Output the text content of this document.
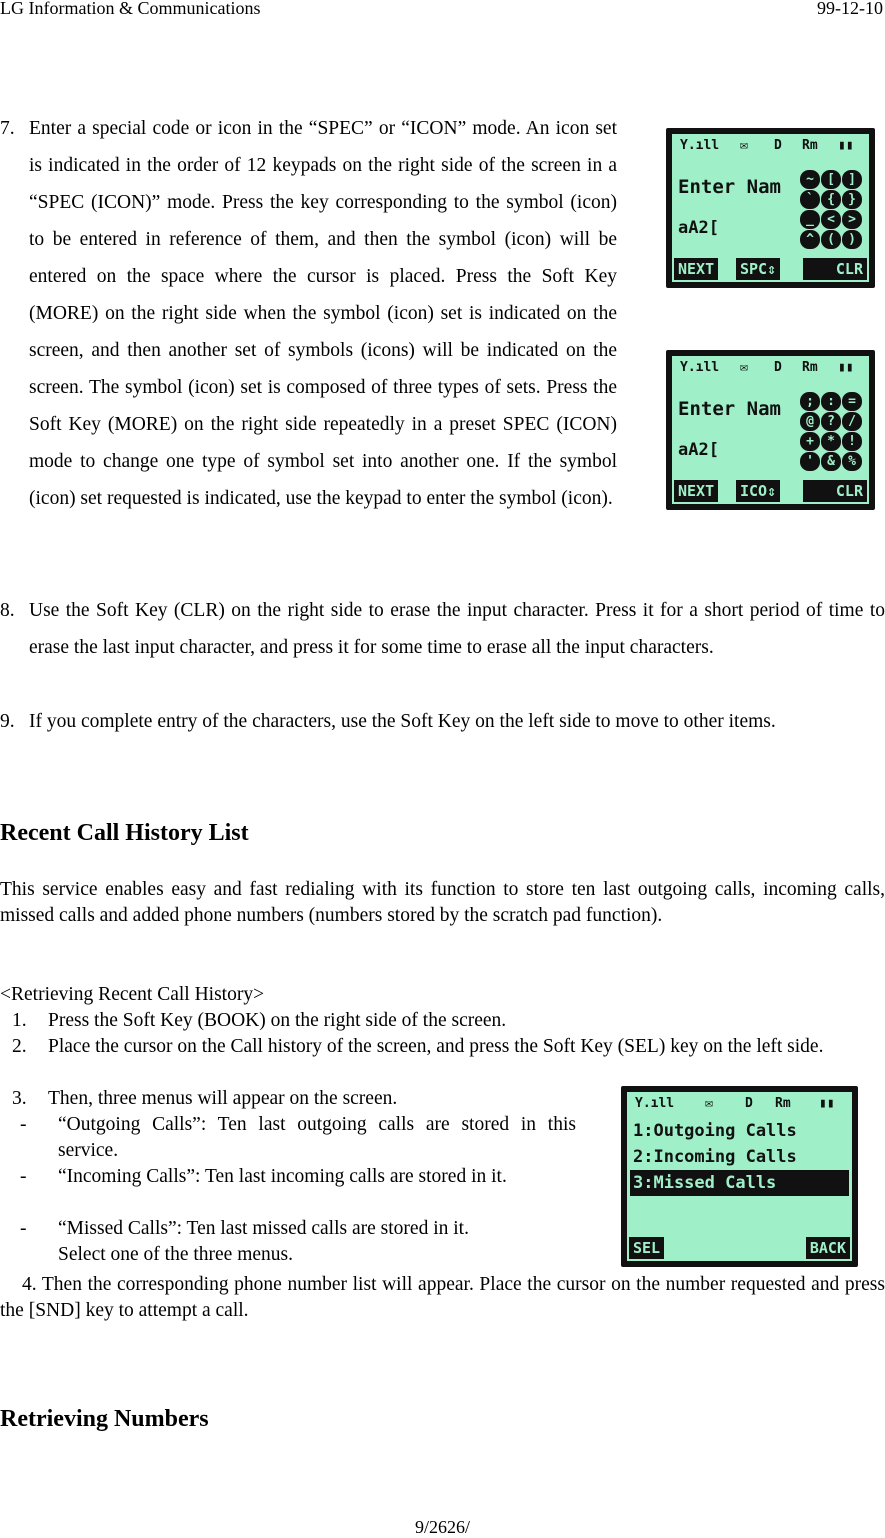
LG Information & Communications	99-12-10
7. Enter a special code or icon in the “SPEC” or “ICON” mode. An icon set is indicated in the order of 12 keypads on the right side of the screen in a “SPEC (ICON)” mode. Press the key corresponding to the symbol (icon) to be entered in reference of them, and then the symbol (icon) will be entered on the space where the cursor is placed. Press the Soft Key (MORE) on the right side when the symbol (icon) set is indicated on the screen, and then another set of symbols (icons) will be indicated on the screen. The symbol (icon) set is composed of three types of sets. Press the Soft Key (MORE) on the right side repeatedly in a preset SPEC (ICON) mode to change one type of symbol set into another one. If the symbol (icon) set requested is indicated, use the keypad to enter the symbol (icon).
8. Use the Soft Key (CLR) on the right side to erase the input character. Press it for a short period of time to erase the last input character, and press it for some time to erase all the input characters.
9. If you complete entry of the characters, use the Soft Key on the left side to move to other items.
Y.ıll ✉ D Rm ▮▮
Enter Nam
aA2[
~	[	]
`	{	}
_	<	>
^	(	)
NEXT SPC⇕	CLR
Y.ıll ✉ D Rm ▮▮
Enter Nam
aA2[
;	:	=
@	?	/
+	*	!
'	&	%
NEXT ICO⇕	CLR
Recent Call History List
This service enables easy and fast redialing with its function to store ten last outgoing calls, incoming calls, missed calls and added phone numbers (numbers stored by the scratch pad function).
<Retrieving Recent Call History>
1. Press the Soft Key (BOOK) on the right side of the screen.
2. Place the cursor on the Call history of the screen, and press the Soft Key (SEL) key on the left side.
3. Then, three menus will appear on the screen.
- “Outgoing Calls”: Ten last outgoing calls are stored in this service.
- “Incoming Calls”: Ten last incoming calls are stored in it.
- “Missed Calls”: Ten last missed calls are stored in it.
Select one of the three menus.
4. Then the corresponding phone number list will appear. Place the cursor on the number requested and press the [SND] key to attempt a call.
Y.ıll ✉ D Rm ▮▮
1:Outgoing Calls
2:Incoming Calls
3:Missed Calls
SEL	BACK
Retrieving Numbers
9/2626/
